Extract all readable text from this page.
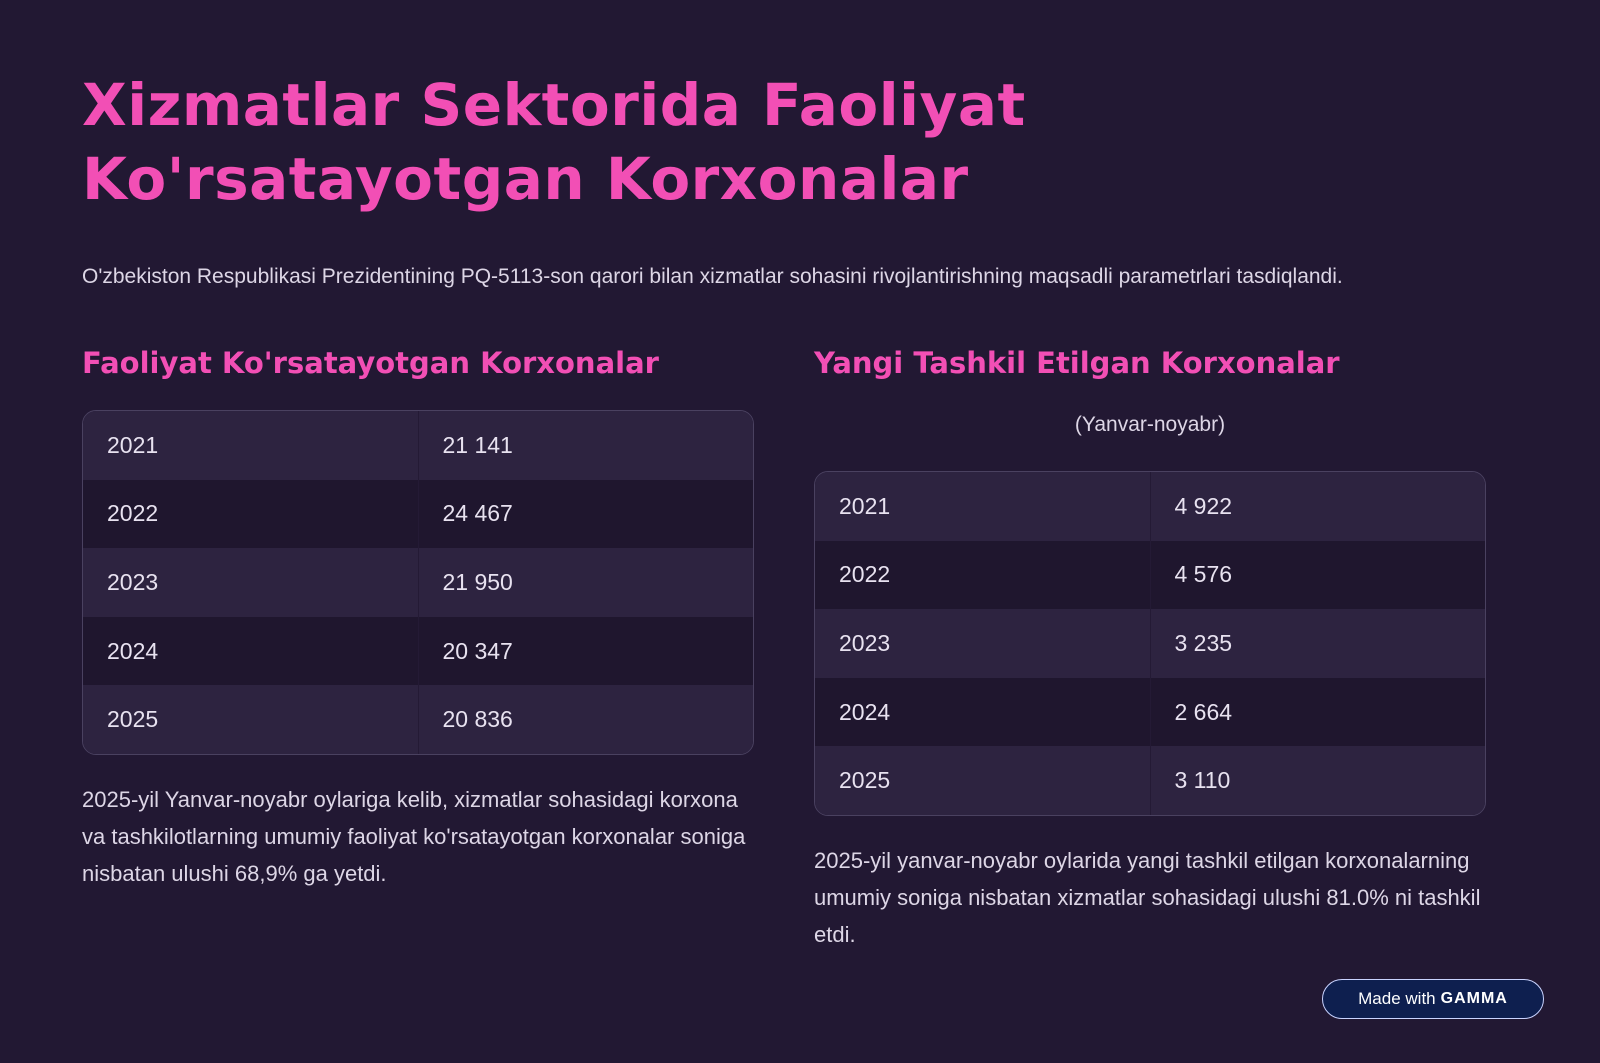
Xizmatlar Sektorida Faoliyat
Ko'rsatayotgan Korxonalar

O'zbekiston Respublikasi Prezidentining PQ-5113-son qarori bilan xizmatlar sohasini rivojlantirishning maqsadli parametrlari tasdiqlandi.

Faoliyat Ko'rsatayotgan Korxonalar
2021	21 141
2022	24 467
2023	21 950
2024	20 347
2025	20 836

2025-yil Yanvar-noyabr oylariga kelib, xizmatlar sohasidagi korxona va tashkilotlarning umumiy faoliyat ko'rsatayotgan korxonalar soniga nisbatan ulushi 68,9% ga yetdi.

Yangi Tashkil Etilgan Korxonalar
(Yanvar-noyabr)
2021	4 922
2022	4 576
2023	3 235
2024	2 664
2025	3 110

2025-yil yanvar-noyabr oylarida yangi tashkil etilgan korxonalarning umumiy soniga nisbatan xizmatlar sohasidagi ulushi 81.0% ni tashkil etdi.

Made with GAMMA
